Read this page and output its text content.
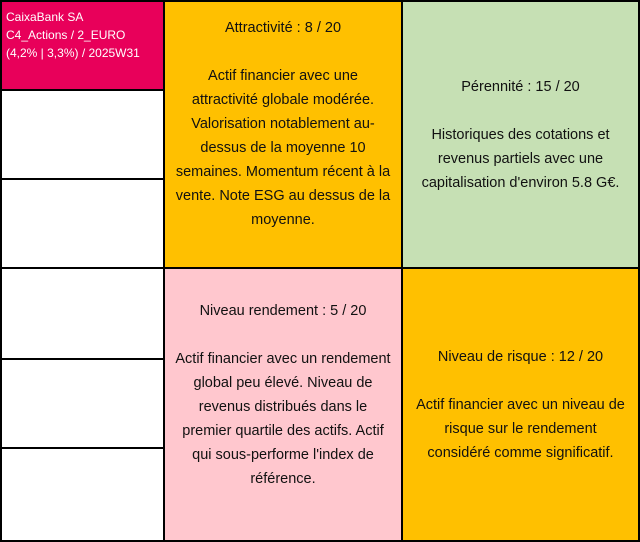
CaixaBank SA
C4_Actions / 2_EURO
(4,2% | 3,3%) / 2025W31
Attractivité : 8 / 20
Actif financier avec une attractivité globale modérée. Valorisation notablement au-dessus de la moyenne 10 semaines. Momentum récent à la vente. Note ESG au dessus de la moyenne.
Pérennité : 15 / 20
Historiques des cotations et revenus partiels avec une capitalisation d'environ 5.8 G€.
Niveau rendement : 5 / 20
Actif financier avec un rendement global peu élevé. Niveau de revenus distribués dans le premier quartile des actifs. Actif qui sous-performe l'index de référence.
Niveau de risque : 12 / 20
Actif financier avec un niveau de risque sur le rendement considéré comme significatif.
